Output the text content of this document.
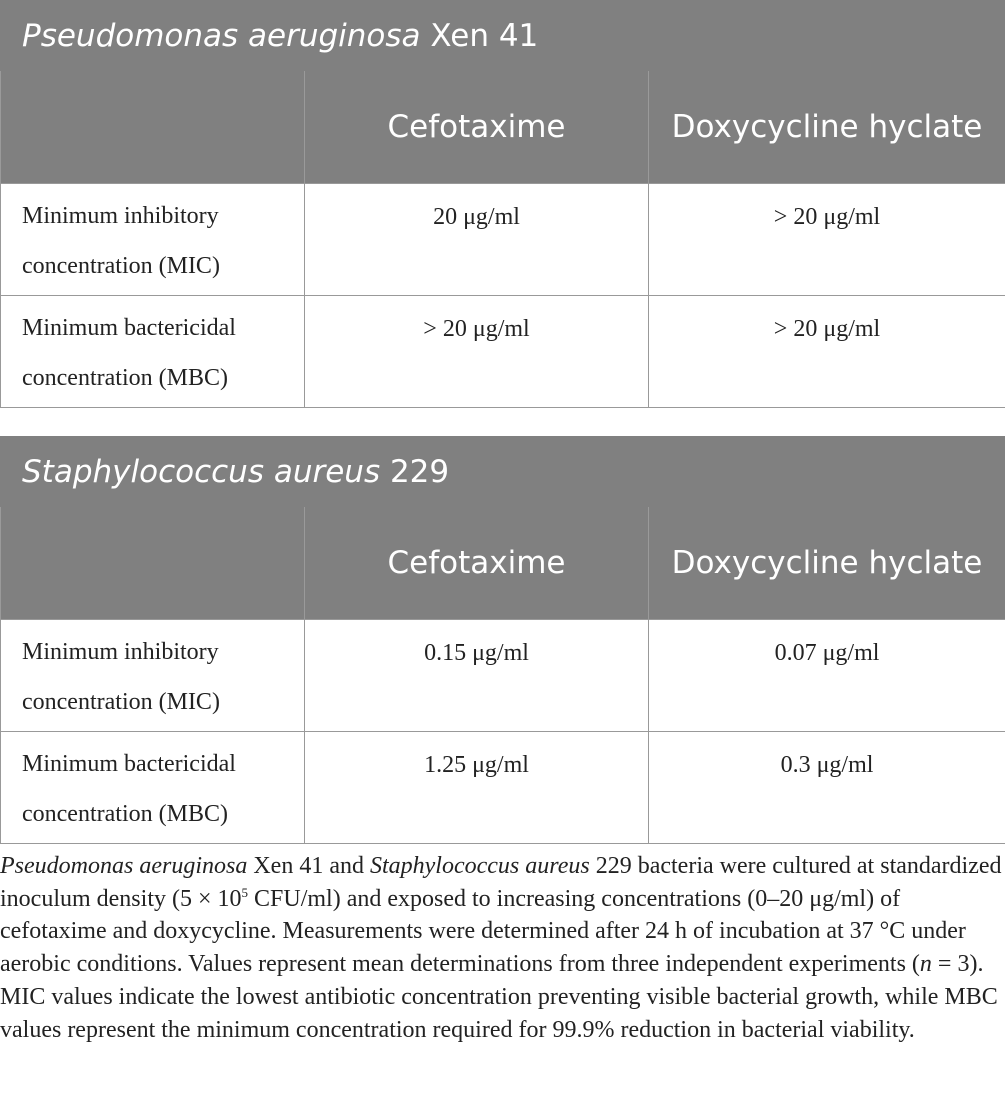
Pseudomonas aeruginosa Xen 41		
	Cefotaxime	Doxycycline hyclate
Minimum inhibitory concentration (MIC)	20 μg/ml	> 20 μg/ml
Minimum bactericidal concentration (MBC)	> 20 μg/ml	> 20 μg/ml
Staphylococcus aureus 229		
	Cefotaxime	Doxycycline hyclate
Minimum inhibitory concentration (MIC)	0.15 μg/ml	0.07 μg/ml
Minimum bactericidal concentration (MBC)	1.25 μg/ml	0.3 μg/ml

Pseudomonas aeruginosa Xen 41 and Staphylococcus aureus 229 bacteria were cultured at standardized inoculum density ($5 \times 10^5$ CFU/ml) and exposed to increasing concentrations (0–20 μg/ml) of cefotaxime and doxycycline. Measurements were determined after 24 h of incubation at 37 °C under aerobic conditions. Values represent mean determinations from three independent experiments (n = 3). MIC values indicate the lowest antibiotic concentration preventing visible bacterial growth, while MBC values represent the minimum concentration required for 99.9% reduction in bacterial viability.
